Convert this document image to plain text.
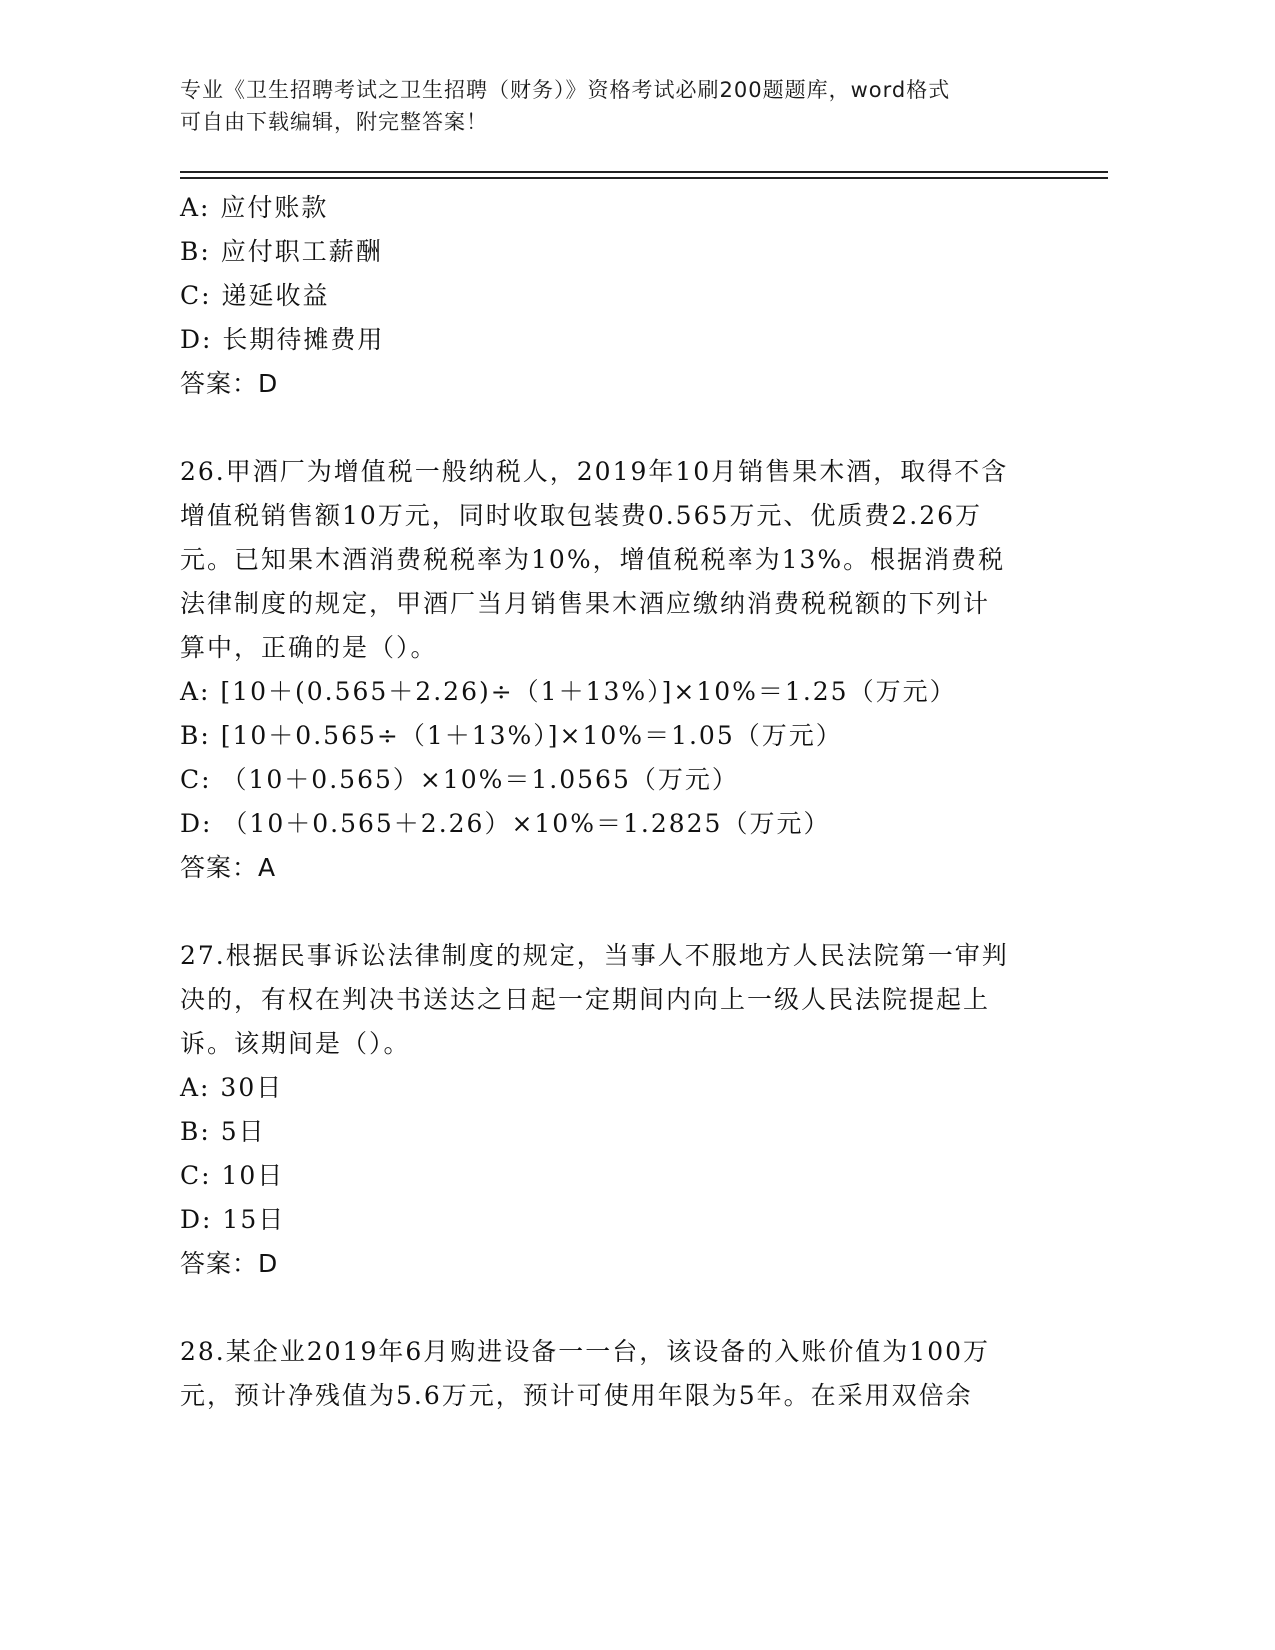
专业《卫生招聘考试之卫生招聘（财务）》资格考试必刷200题题库，word格式
可自由下载编辑，附完整答案！
A: 应付账款
B: 应付职工薪酬
C: 递延收益
D: 长期待摊费用
答案：D
26.甲酒厂为增值税一般纳税人，2019年10月销售果木酒，取得不含
增值税销售额10万元，同时收取包装费0.565万元、优质费2.26万
元。已知果木酒消费税税率为10%，增值税税率为13%。根据消费税
法律制度的规定，甲酒厂当月销售果木酒应缴纳消费税税额的下列计
算中，正确的是（）。
A: [10＋(0.565＋2.26)÷（1＋13%）]×10%＝1.25（万元）
B: [10＋0.565÷（1＋13%）]×10%＝1.05（万元）
C: （10＋0.565）×10%＝1.0565（万元）
D: （10＋0.565＋2.26）×10%＝1.2825（万元）
答案：A
27.根据民事诉讼法律制度的规定，当事人不服地方人民法院第一审判
决的，有权在判决书送达之日起一定期间内向上一级人民法院提起上
诉。该期间是（）。
A: 30日
B: 5日
C: 10日
D: 15日
答案：D
28.某企业2019年6月购进设备一一台，该设备的入账价值为100万
元，预计净残值为5.6万元，预计可使用年限为5年。在采用双倍余
